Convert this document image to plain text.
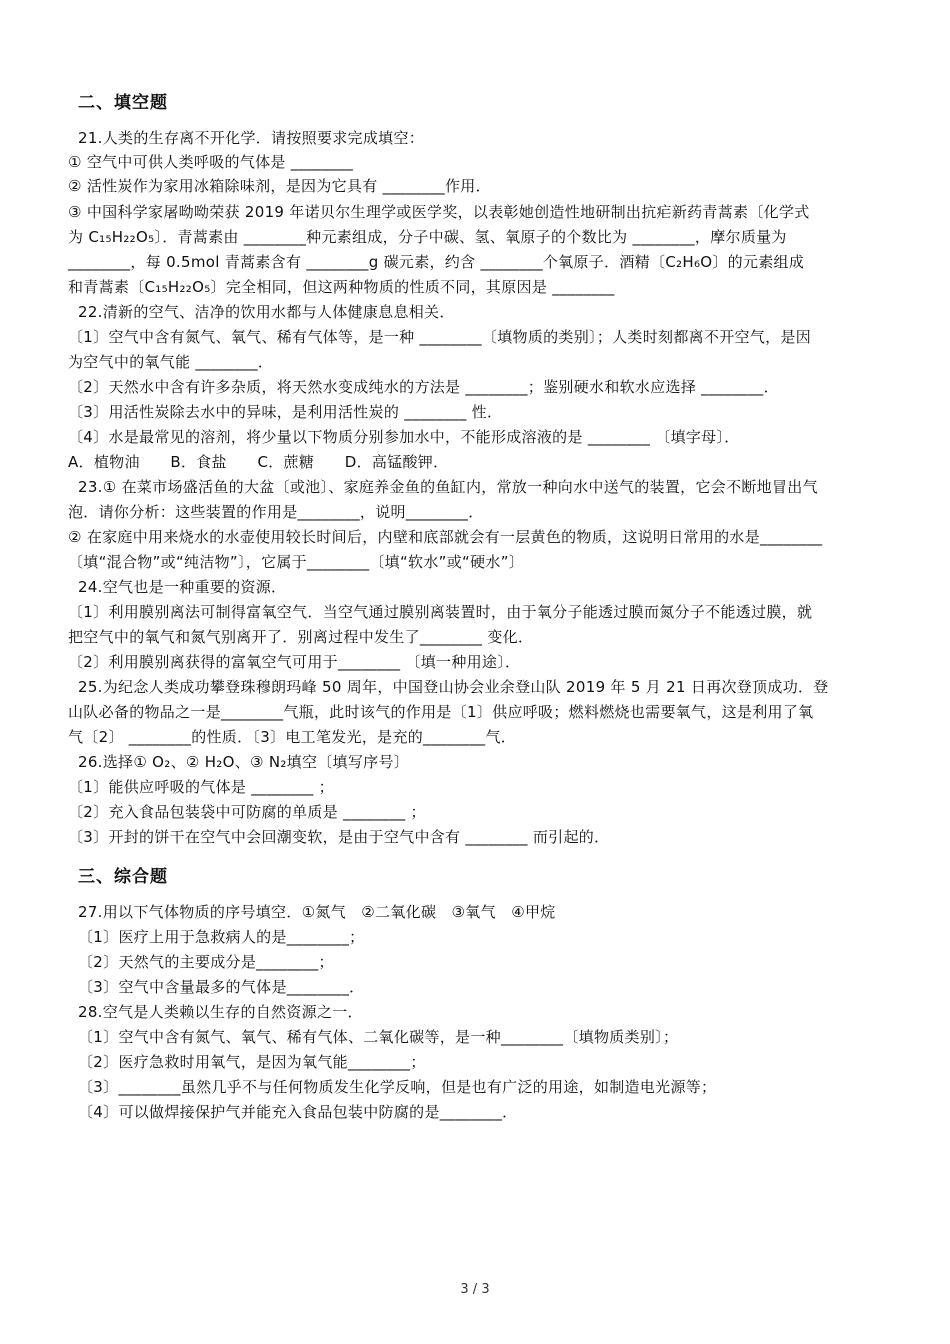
二、填空题
21.人类的生存离不开化学．请按照要求完成填空：
① 空气中可供人类呼吸的气体是 ________
② 活性炭作为家用冰箱除味剂，是因为它具有 ________作用．
③ 中国科学家屠呦呦荣获 2019 年诺贝尔生理学或医学奖，以表彰她创造性地研制出抗疟新药青蒿素〔化学式
为 C₁₅H₂₂O₅〕．青蒿素由 ________种元素组成，分子中碳、氢、氧原子的个数比为 ________，摩尔质量为
________，每 0.5mol 青蒿素含有 ________g 碳元素，约含 ________个氧原子．酒精〔C₂H₆O〕的元素组成
和青蒿素〔C₁₅H₂₂O₅〕完全相同，但这两种物质的性质不同，其原因是 ________
22.清新的空气、洁净的饮用水都与人体健康息息相关．
〔1〕空气中含有氮气、氧气、稀有气体等，是一种 ________〔填物质的类别〕；人类时刻都离不开空气，是因
为空气中的氧气能 ________．
〔2〕天然水中含有许多杂质，将天然水变成纯水的方法是 ________；鉴别硬水和软水应选择 ________．
〔3〕用活性炭除去水中的异味，是利用活性炭的 ________ 性．
〔4〕水是最常见的溶剂，将少量以下物质分别参加水中，不能形成溶液的是 ________ 〔填字母〕．
A．植物油　　B．食盐　　C．蔗糖　　D．高锰酸钾．
23.① 在菜市场盛活鱼的大盆〔或池〕、家庭养金鱼的鱼缸内，常放一种向水中送气的装置，它会不断地冒出气
泡．请你分析：这些装置的作用是________，说明________．
② 在家庭中用来烧水的水壶使用较长时间后，内壁和底部就会有一层黄色的物质，这说明日常用的水是________
〔填“混合物”或“纯洁物”〕，它属于________〔填“软水”或“硬水”〕
24.空气也是一种重要的资源．
〔1〕利用膜别离法可制得富氧空气．当空气通过膜别离装置时，由于氧分子能透过膜而氮分子不能透过膜，就
把空气中的氧气和氮气别离开了．别离过程中发生了________ 变化．
〔2〕利用膜别离获得的富氧空气可用于________ 〔填一种用途〕．
25.为纪念人类成功攀登珠穆朗玛峰 50 周年，中国登山协会业余登山队 2019 年 5 月 21 日再次登顶成功．登
山队必备的物品之一是________气瓶，此时该气的作用是〔1〕供应呼吸；燃料燃烧也需要氧气，这是利用了氧
气〔2〕 ________的性质．〔3〕电工笔发光，是充的________气．
26.选择① O₂、② H₂O、③ N₂填空〔填写序号〕
〔1〕能供应呼吸的气体是 ________ ；
〔2〕充入食品包装袋中可防腐的单质是 ________ ；
〔3〕开封的饼干在空气中会回潮变软，是由于空气中含有 ________ 而引起的．
三、综合题
27.用以下气体物质的序号填空．①氮气　②二氧化碳　③氧气　④甲烷
〔1〕医疗上用于急救病人的是________；
〔2〕天然气的主要成分是________；
〔3〕空气中含量最多的气体是________．
28.空气是人类赖以生存的自然资源之一．
〔1〕空气中含有氮气、氧气、稀有气体、二氧化碳等，是一种________〔填物质类别〕；
〔2〕医疗急救时用氧气，是因为氧气能________；
〔3〕________虽然几乎不与任何物质发生化学反响，但是也有广泛的用途，如制造电光源等；
〔4〕可以做焊接保护气并能充入食品包装中防腐的是________．
3 / 3
